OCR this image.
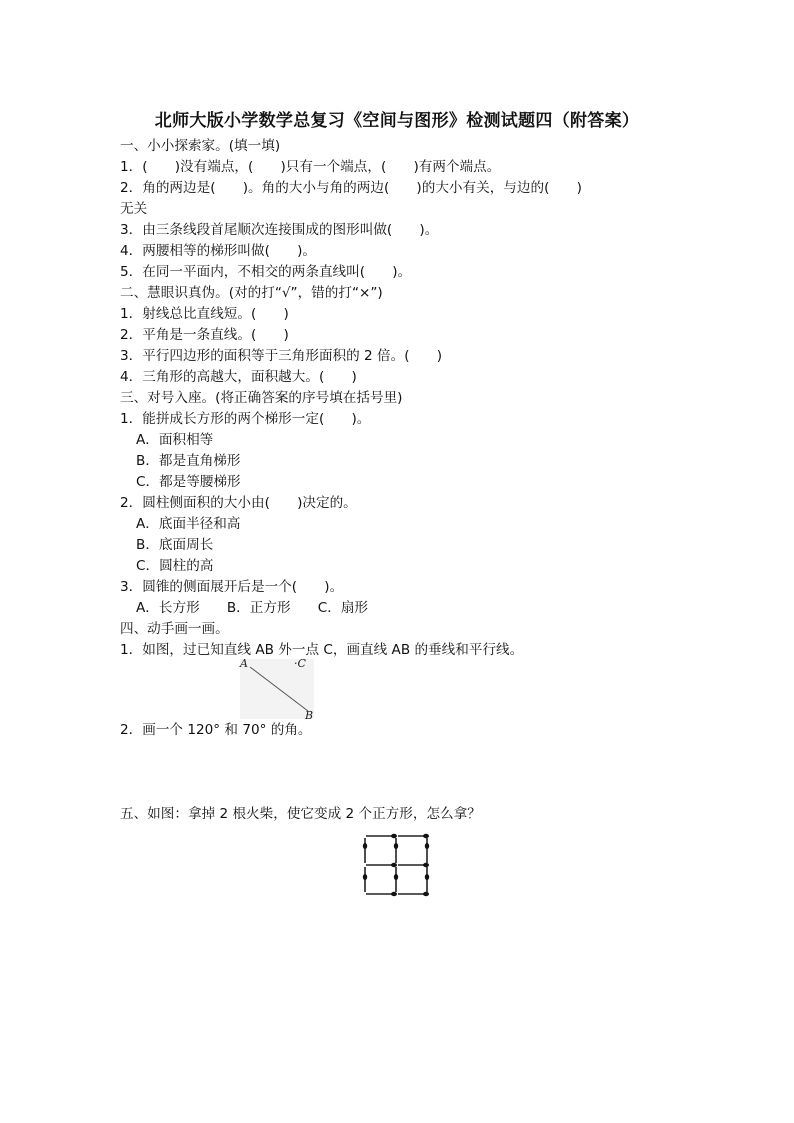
北师大版小学数学总复习《空间与图形》检测试题四（附答案）
一、小小探索家。(填一填)
1．(　　)没有端点，(　　)只有一个端点，(　　)有两个端点。
2．角的两边是(　　)。角的大小与角的两边(　　)的大小有关，与边的(　　)
无关
3．由三条线段首尾顺次连接围成的图形叫做(　　)。
4．两腰相等的梯形叫做(　　)。
5．在同一平面内，不相交的两条直线叫(　　)。
二、慧眼识真伪。(对的打“√”，错的打“×”)
1．射线总比直线短。(　　)
2．平角是一条直线。(　　)
3．平行四边形的面积等于三角形面积的 2 倍。(　　)
4．三角形的高越大，面积越大。(　　)
三、对号入座。(将正确答案的序号填在括号里)
1．能拼成长方形的两个梯形一定(　　)。
A．面积相等
B．都是直角梯形
C．都是等腰梯形
2．圆柱侧面积的大小由(　　)决定的。
A．底面半径和高
B．底面周长
C．圆柱的高
3．圆锥的侧面展开后是一个(　　)。
A．长方形　　B．正方形　　C．扇形
四、动手画一画。
1．如图，过已知直线 AB 外一点 C，画直线 AB 的垂线和平行线。
A	·C
B
2．画一个 120° 和 70° 的角。
五、如图：拿掉 2 根火柴，使它变成 2 个正方形，怎么拿？
